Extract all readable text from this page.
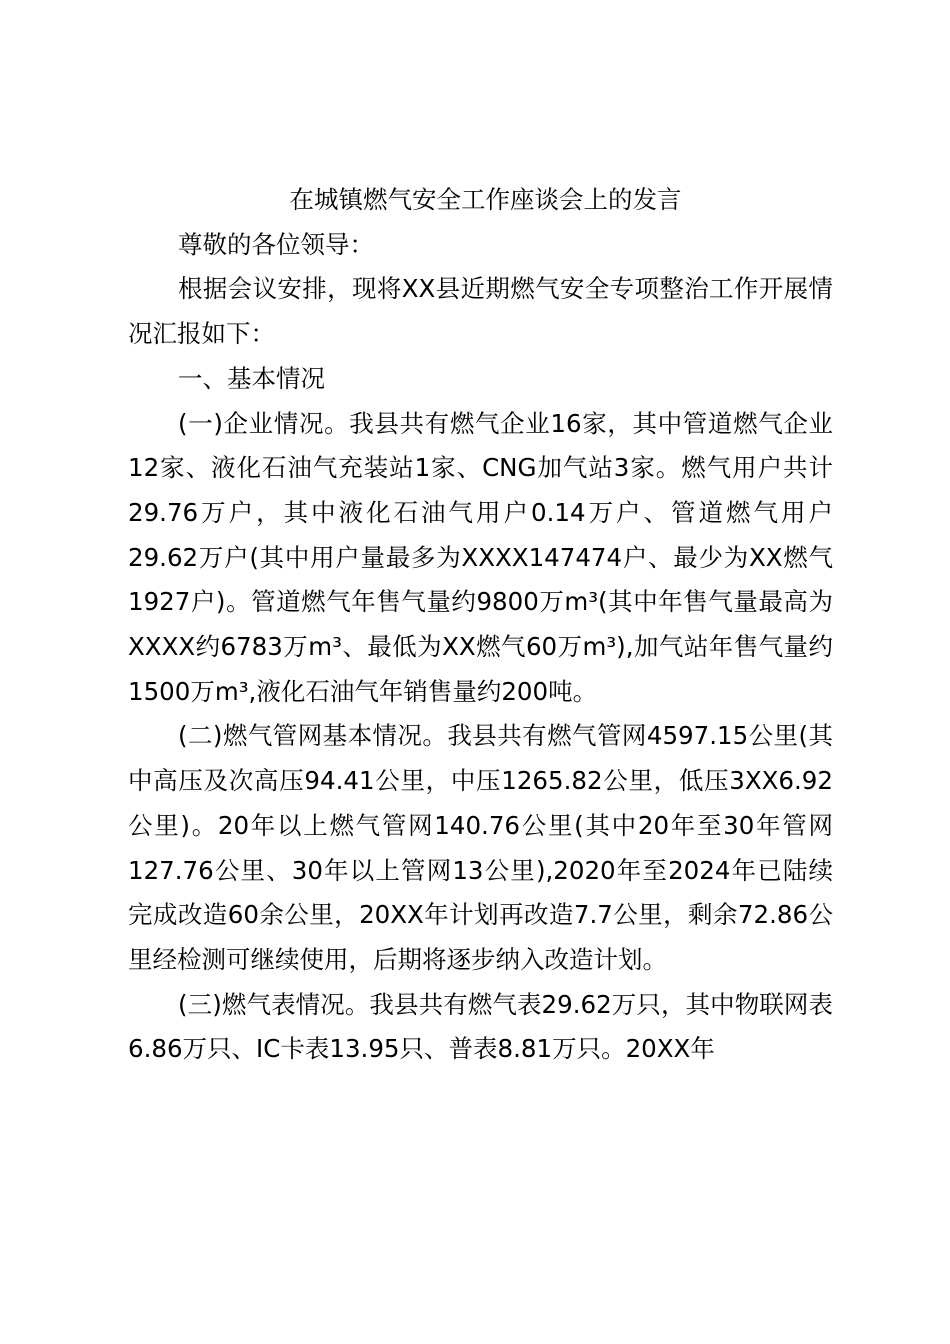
在城镇燃气安全工作座谈会上的发言

尊敬的各位领导：

根据会议安排，现将XX县近期燃气安全专项整治工作开展情况汇报如下：

一、基本情况

(一)企业情况。我县共有燃气企业16家，其中管道燃气企业12家、液化石油气充装站1家、CNG加气站3家。燃气用户共计29.76万户，其中液化石油气用户0.14万户、管道燃气用户29.62万户(其中用户量最多为XXXX147474户、最少为XX燃气1927户)。管道燃气年售气量约9800万m³(其中年售气量最高为XXXX约6783万m³、最低为XX燃气60万m³),加气站年售气量约1500万m³,液化石油气年销售量约200吨。

(二)燃气管网基本情况。我县共有燃气管网4597.15公里(其中高压及次高压94.41公里，中压1265.82公里，低压3XX6.92公里)。20年以上燃气管网140.76公里(其中20年至30年管网127.76公里、30年以上管网13公里),2020年至2024年已陆续完成改造60余公里，20XX年计划再改造7.7公里，剩余72.86公里经检测可继续使用，后期将逐步纳入改造计划。

(三)燃气表情况。我县共有燃气表29.62万只，其中物联网表6.86万只、IC卡表13.95只、普表8.81万只。20XX年
